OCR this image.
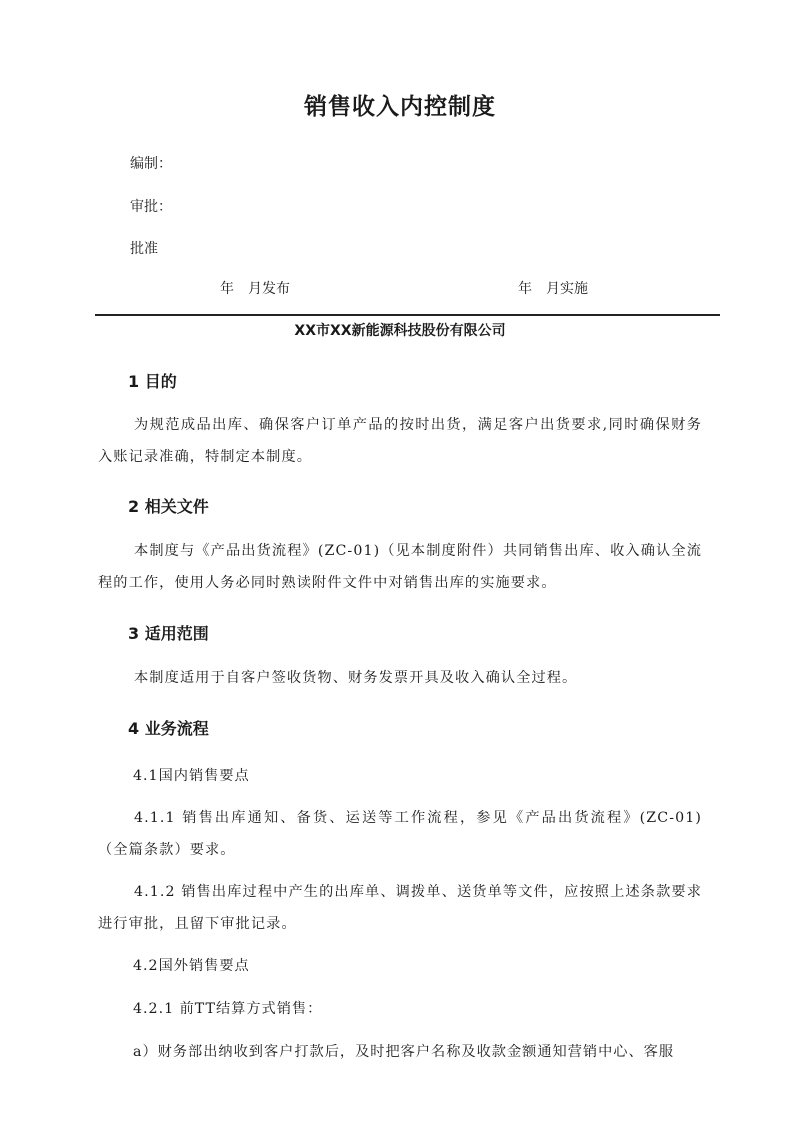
销售收入内控制度
编制：
审批：
批准
年　月发布	年　月实施
XX市XX新能源科技股份有限公司
1 目的
为规范成品出库、确保客户订单产品的按时出货，满足客户出货要求,同时确保财务入账记录准确，特制定本制度。
2 相关文件
本制度与《产品出货流程》(ZC-01)（见本制度附件）共同销售出库、收入确认全流程的工作，使用人务必同时熟读附件文件中对销售出库的实施要求。
3 适用范围
本制度适用于自客户签收货物、财务发票开具及收入确认全过程。
4 业务流程
4.1国内销售要点
4.1.1 销售出库通知、备货、运送等工作流程，参见《产品出货流程》(ZC-01)（全篇条款）要求。
4.1.2 销售出库过程中产生的出库单、调拨单、送货单等文件，应按照上述条款要求进行审批，且留下审批记录。
4.2国外销售要点
4.2.1 前TT结算方式销售：
a）财务部出纳收到客户打款后，及时把客户名称及收款金额通知营销中心、客服
